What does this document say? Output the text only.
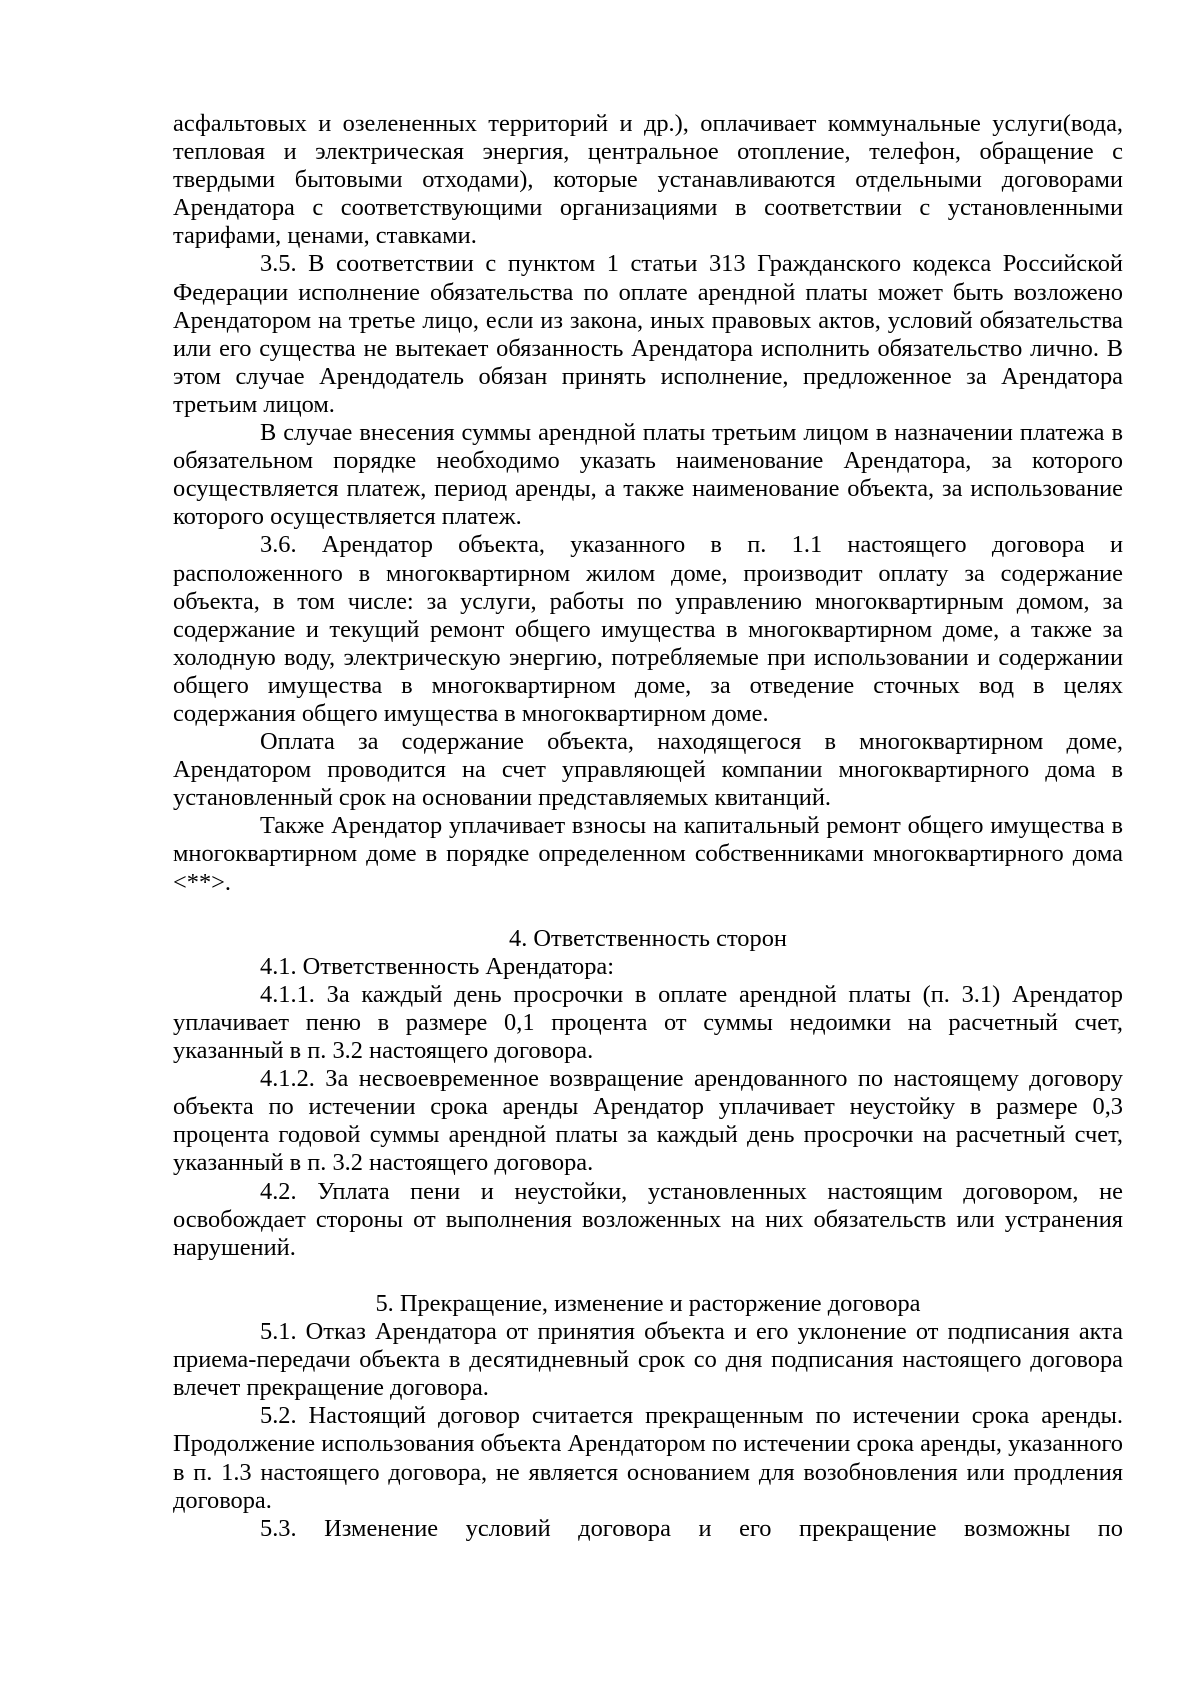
асфальтовых и озелененных территорий и др.), оплачивает коммунальные услуги(вода, тепловая и электрическая энергия, центральное отопление, телефон, обращение с твердыми бытовыми отходами), которые устанавливаются отдельными договорами Арендатора с соответствующими организациями в соответствии с установленными тарифами, ценами, ставками.

3.5. В соответствии с пунктом 1 статьи 313 Гражданского кодекса Российской Федерации исполнение обязательства по оплате арендной платы может быть возложено Арендатором на третье лицо, если из закона, иных правовых актов, условий обязательства или его существа не вытекает обязанность Арендатора исполнить обязательство лично. В этом случае Арендодатель обязан принять исполнение, предложенное за Арендатора третьим лицом.

В случае внесения суммы арендной платы третьим лицом в назначении платежа в обязательном порядке необходимо указать наименование Арендатора, за которого осуществляется платеж, период аренды, а также наименование объекта, за использование которого осуществляется платеж.

3.6. Арендатор объекта, указанного в п. 1.1 настоящего договора и расположенного в многоквартирном жилом доме, производит оплату за содержание объекта, в том числе: за услуги, работы по управлению многоквартирным домом, за содержание и текущий ремонт общего имущества в многоквартирном доме, а также за холодную воду, электрическую энергию, потребляемые при использовании и содержании общего имущества в многоквартирном доме, за отведение сточных вод в целях содержания общего имущества в многоквартирном доме.

Оплата за содержание объекта, находящегося в многоквартирном доме, Арендатором проводится на счет управляющей компании многоквартирного дома в установленный срок на основании представляемых квитанций.

Также Арендатор уплачивает взносы на капитальный ремонт общего имущества в многоквартирном доме в порядке определенном собственниками многоквартирного дома <**>.

4. Ответственность сторон

4.1. Ответственность Арендатора:

4.1.1. За каждый день просрочки в оплате арендной платы (п. 3.1) Арендатор уплачивает пеню в размере 0,1 процента от суммы недоимки на расчетный счет, указанный в п. 3.2 настоящего договора.

4.1.2. За несвоевременное возвращение арендованного по настоящему договору объекта по истечении срока аренды Арендатор уплачивает неустойку в размере 0,3 процента годовой суммы арендной платы за каждый день просрочки на расчетный счет, указанный в п. 3.2 настоящего договора.

4.2. Уплата пени и неустойки, установленных настоящим договором, не освобождает стороны от выполнения возложенных на них обязательств или устранения нарушений.

5. Прекращение, изменение и расторжение договора

5.1. Отказ Арендатора от принятия объекта и его уклонение от подписания акта приема-передачи объекта в десятидневный срок со дня подписания настоящего договора влечет прекращение договора.

5.2. Настоящий договор считается прекращенным по истечении срока аренды. Продолжение использования объекта Арендатором по истечении срока аренды, указанного в п. 1.3 настоящего договора, не является основанием для возобновления или продления договора.

5.3. Изменение условий договора и его прекращение возможны по
